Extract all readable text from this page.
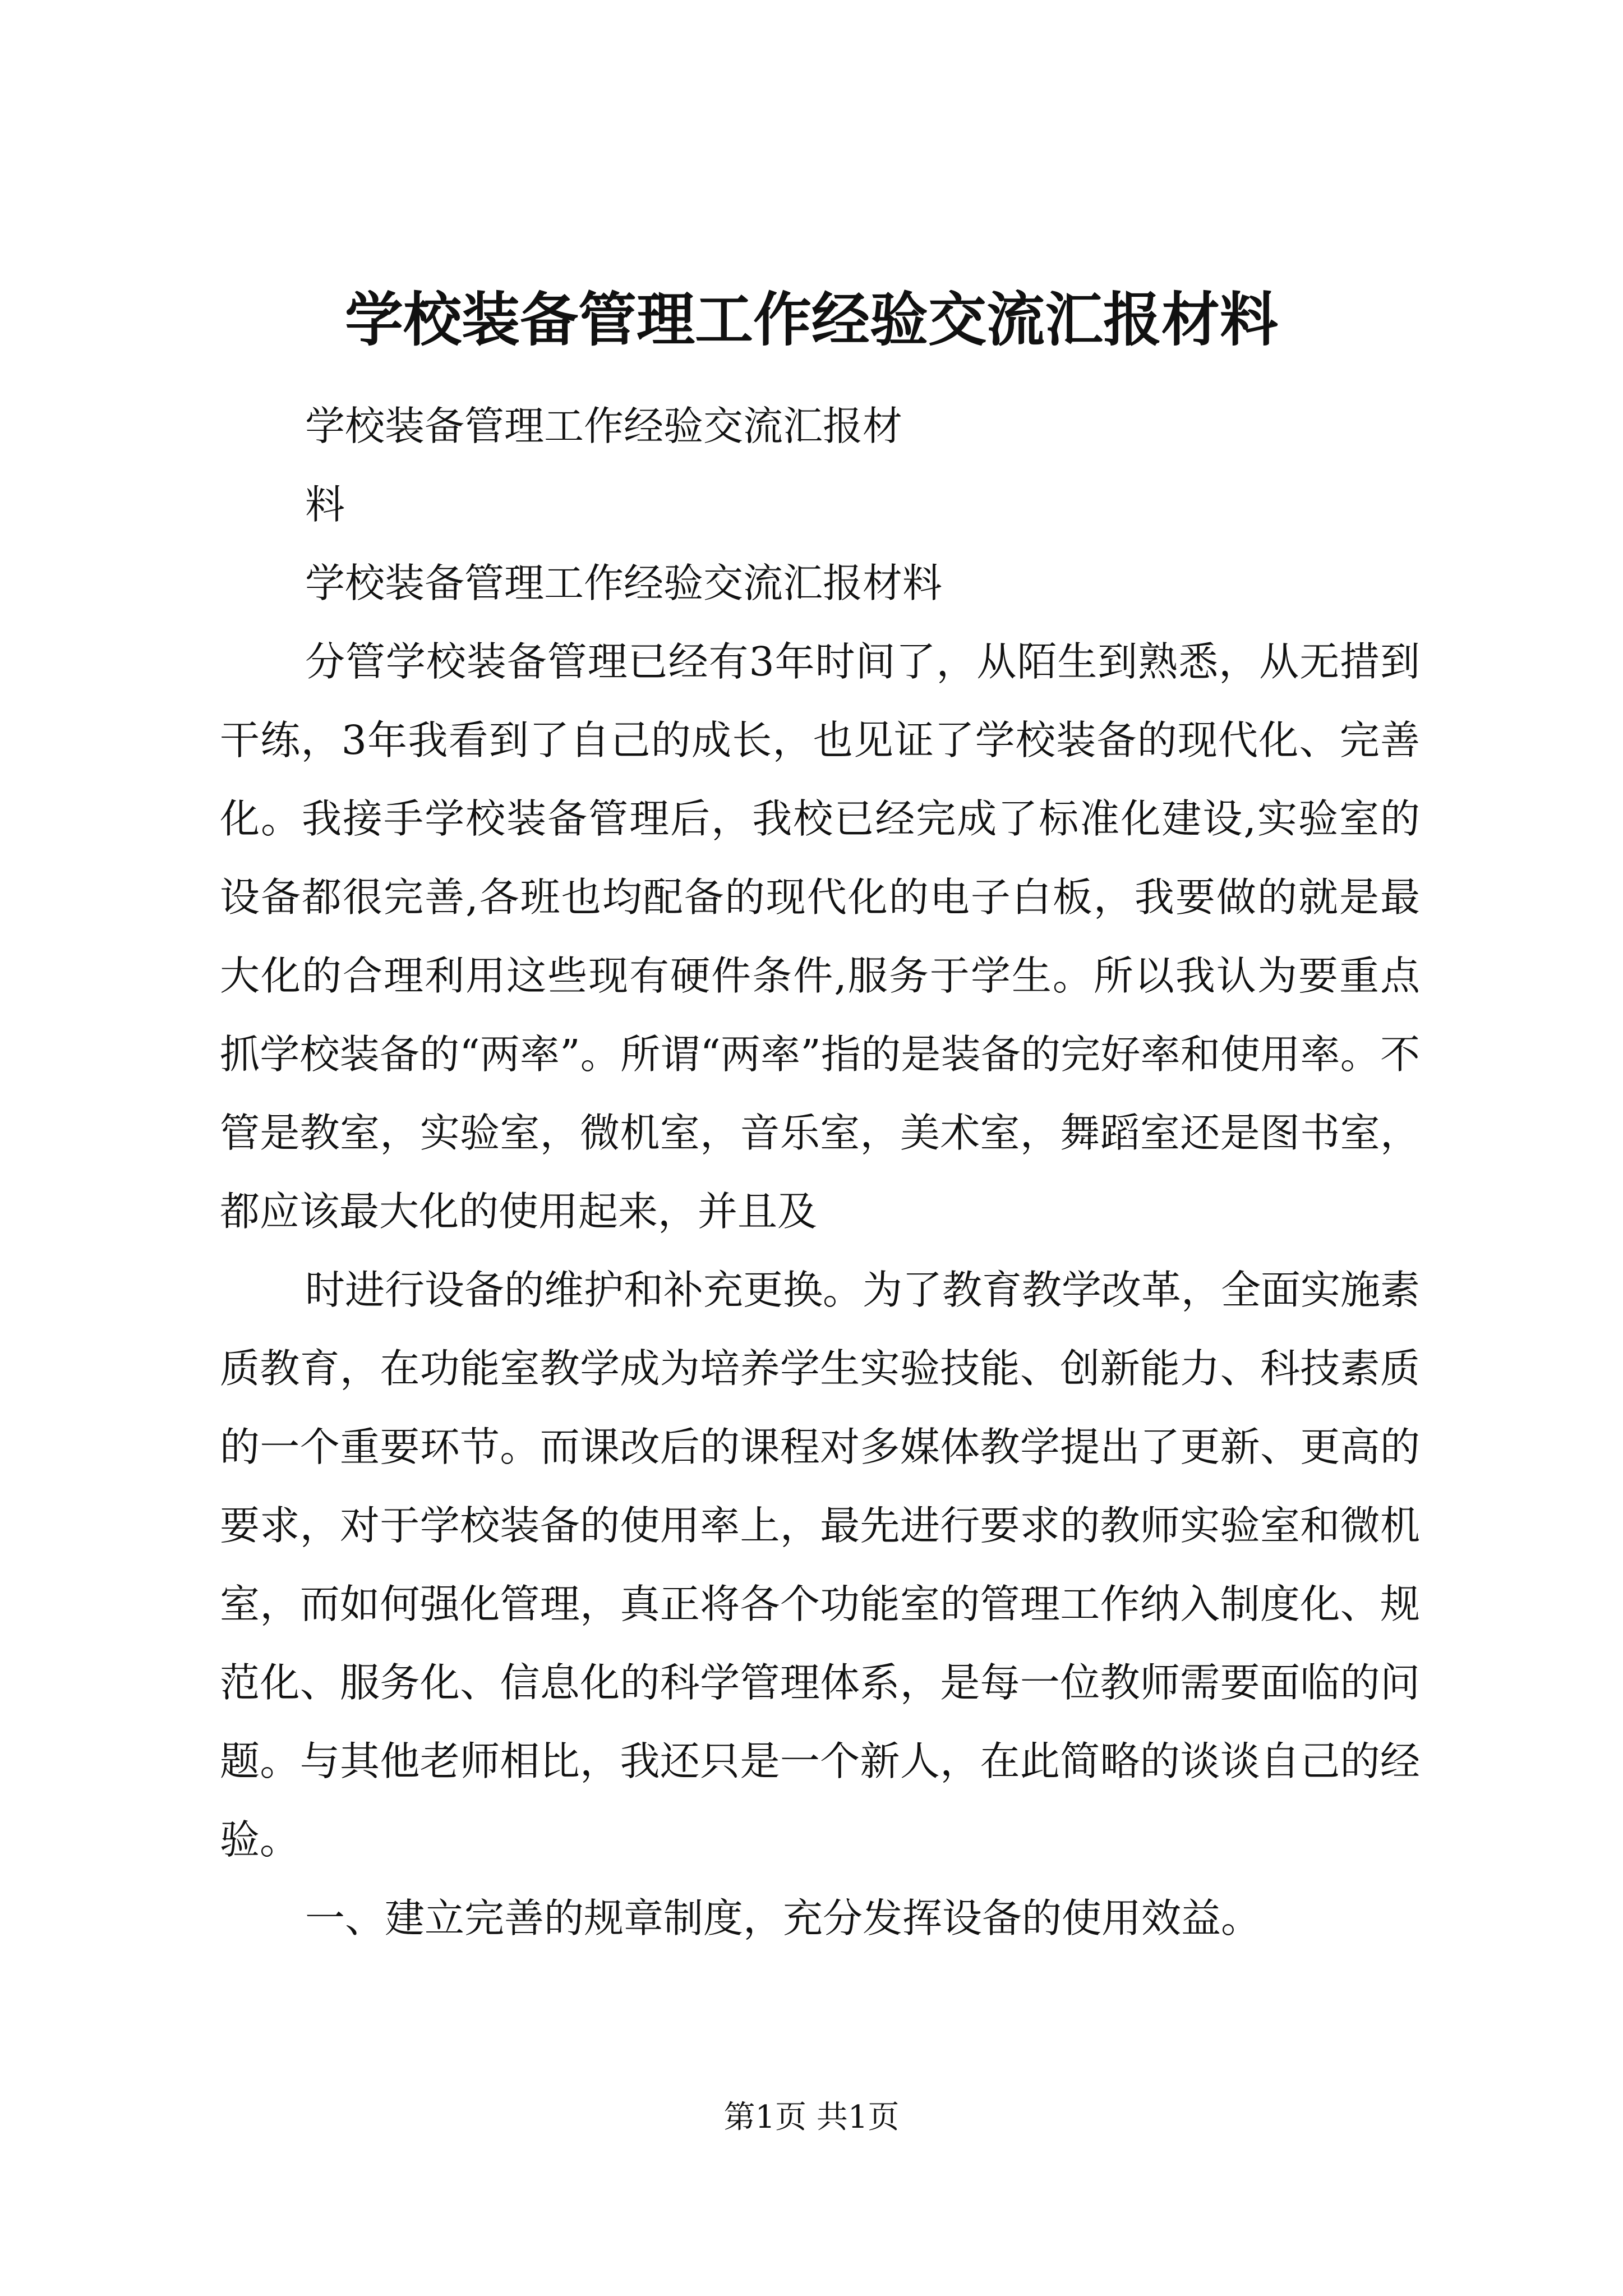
学校装备管理工作经验交流汇报材料

学校装备管理工作经验交流汇报材

料

学校装备管理工作经验交流汇报材料

分管学校装备管理已经有3年时间了，从陌生到熟悉，从无措到干练，3年我看到了自己的成长，也见证了学校装备的现代化、完善化。我接手学校装备管理后，我校已经完成了标准化建设,实验室的设备都很完善,各班也均配备的现代化的电子白板，我要做的就是最大化的合理利用这些现有硬件条件,服务于学生。所以我认为要重点抓学校装备的“两率”。所谓“两率”指的是装备的完好率和使用率。不管是教室，实验室，微机室，音乐室，美术室，舞蹈室还是图书室，都应该最大化的使用起来，并且及

时进行设备的维护和补充更换。为了教育教学改革，全面实施素质教育，在功能室教学成为培养学生实验技能、创新能力、科技素质的一个重要环节。而课改后的课程对多媒体教学提出了更新、更高的要求，对于学校装备的使用率上，最先进行要求的教师实验室和微机室，而如何强化管理，真正将各个功能室的管理工作纳入制度化、规范化、服务化、信息化的科学管理体系，是每一位教师需要面临的问题。与其他老师相比，我还只是一个新人，在此简略的谈谈自己的经验。

一、建立完善的规章制度，充分发挥设备的使用效益。

第1页 共1页
